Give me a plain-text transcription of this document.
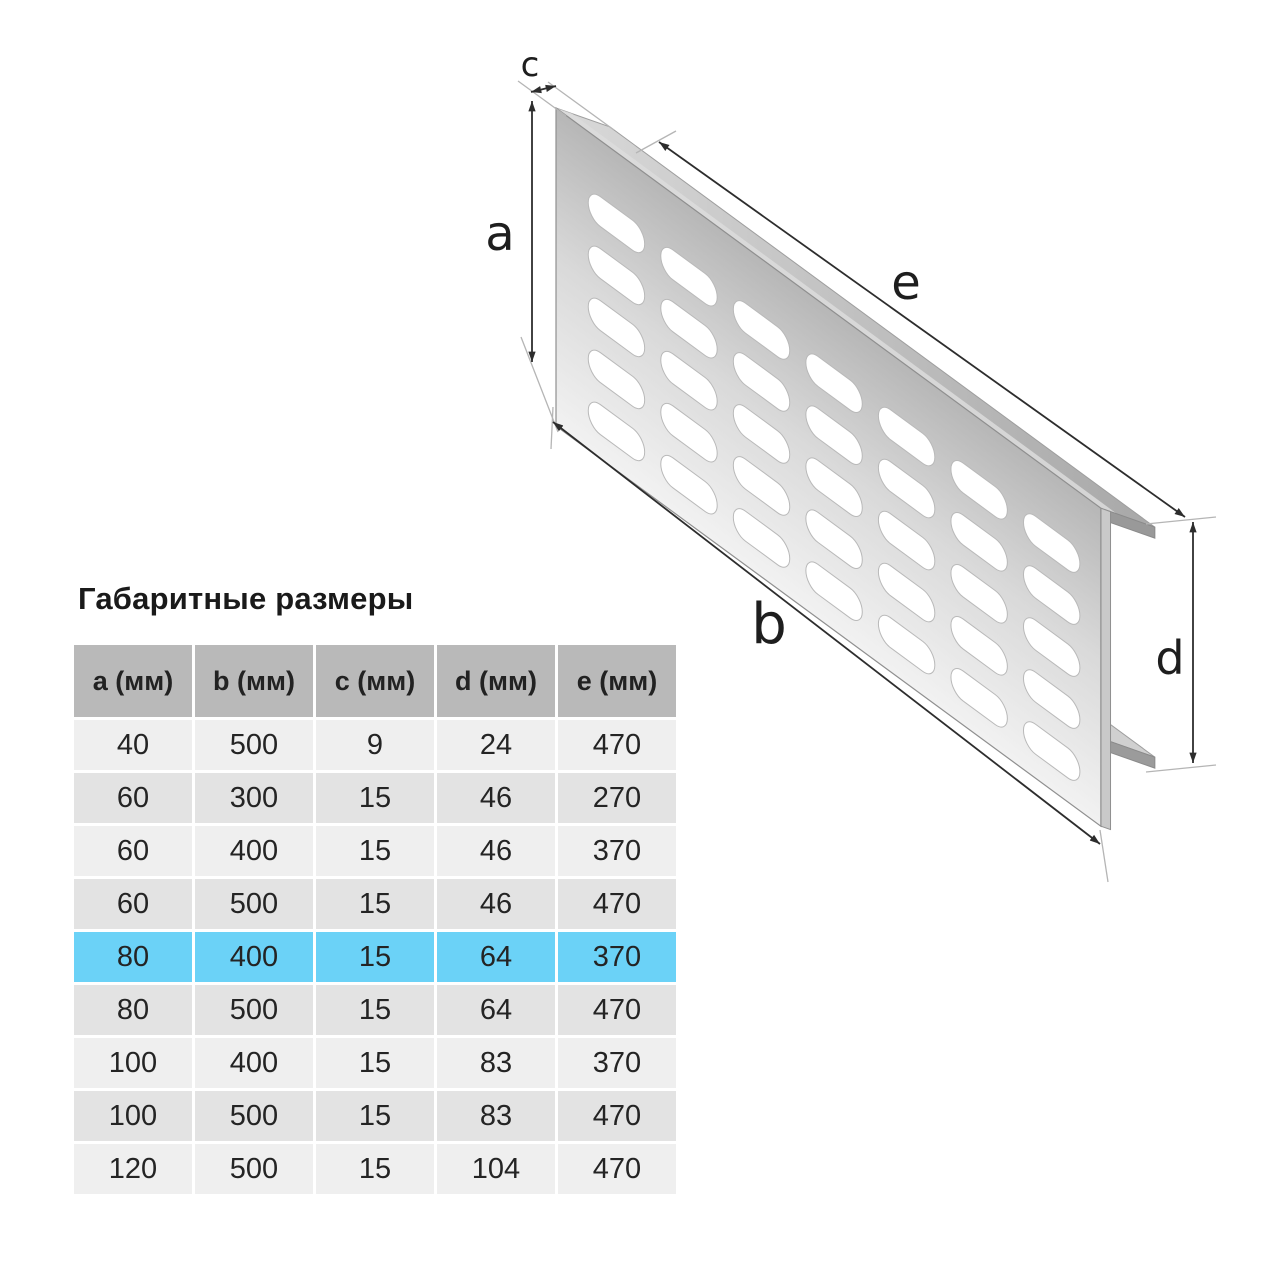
c
a
e
b
d
Габаритные размеры
a (мм)	b (мм)	c (мм)	d (мм)	e (мм)
40	500	9	24	470
60	300	15	46	270
60	400	15	46	370
60	500	15	46	470
80	400	15	64	370
80	500	15	64	470
100	400	15	83	370
100	500	15	83	470
120	500	15	104	470
